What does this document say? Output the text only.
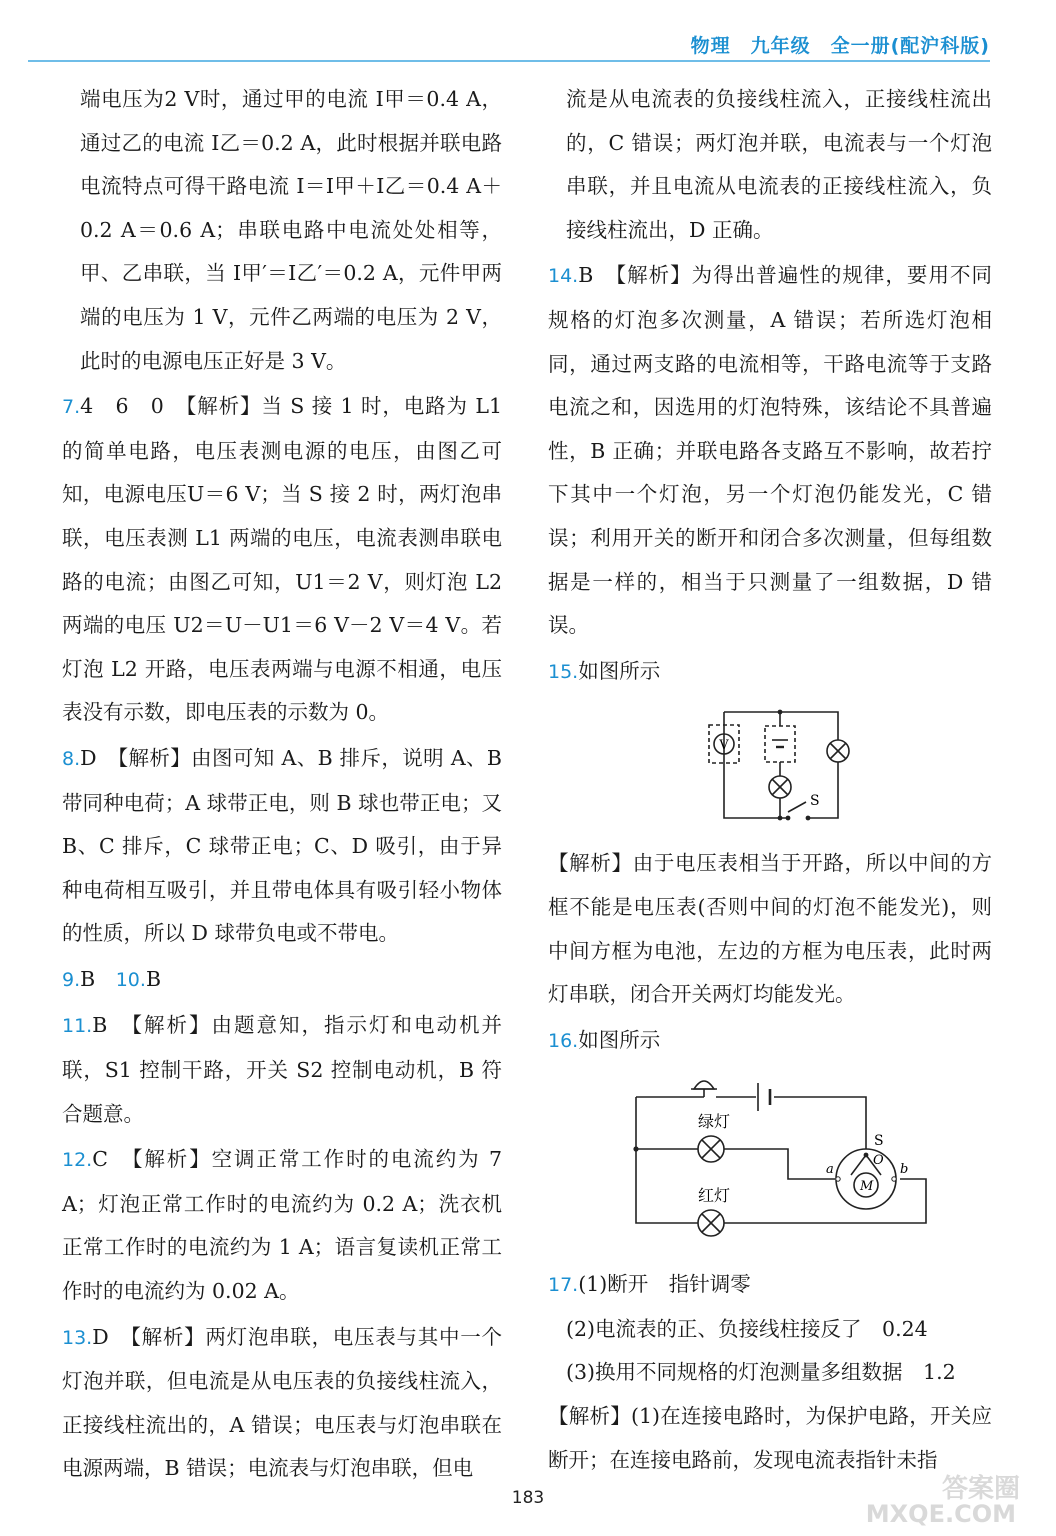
物理　九年级　全一册(配沪科版)

端电压为2 V时，通过甲的电流 I甲＝0.4 A，通过乙的电流 I乙＝0.2 A，此时根据并联电路电流特点可得干路电流 I＝I甲＋I乙＝0.4 A＋0.2 A＝0.6 A；串联电路中电流处处相等，甲、乙串联，当 I甲′＝I乙′＝0.2 A，元件甲两端的电压为 1 V，元件乙两端的电压为 2 V，此时的电源电压正好是 3 V。

7.4　6　0　【解析】当 S 接 1 时，电路为 L1 的简单电路，电压表测电源的电压，由图乙可知，电源电压U＝6 V；当 S 接 2 时，两灯泡串联，电压表测 L1 两端的电压，电流表测串联电路的电流；由图乙可知，U1＝2 V，则灯泡 L2 两端的电压 U2＝U－U1＝6 V－2 V＝4 V。若灯泡 L2 开路，电压表两端与电源不相通，电压表没有示数，即电压表的示数为 0。

8.D　【解析】由图可知 A、B 排斥，说明 A、B 带同种电荷；A 球带正电，则 B 球也带正电；又 B、C 排斥，C 球带正电；C、D 吸引，由于异种电荷相互吸引，并且带电体具有吸引轻小物体的性质，所以 D 球带负电或不带电。

9.B　10.B

11.B　【解析】由题意知，指示灯和电动机并联，S1 控制干路，开关 S2 控制电动机，B 符合题意。

12.C　【解析】空调正常工作时的电流约为 7 A；灯泡正常工作时的电流约为 0.2 A；洗衣机正常工作时的电流约为 1 A；语言复读机正常工作时的电流约为 0.02 A。

13.D　【解析】两灯泡串联，电压表与其中一个灯泡并联，但电流是从电压表的负接线柱流入，正接线柱流出的，A 错误；电压表与灯泡串联在电源两端，B 错误；电流表与灯泡串联，但电

流是从电流表的负接线柱流入，正接线柱流出的，C 错误；两灯泡并联，电流表与一个灯泡串联，并且电流从电流表的正接线柱流入，负接线柱流出，D 正确。

14.B　【解析】为得出普遍性的规律，要用不同规格的灯泡多次测量，A 错误；若所选灯泡相同，通过两支路的电流相等，干路电流等于支路电流之和，因选用的灯泡特殊，该结论不具普遍性，B 正确；并联电路各支路互不影响，故若拧下其中一个灯泡，另一个灯泡仍能发光，C 错误；利用开关的断开和闭合多次测量，但每组数据是一样的，相当于只测量了一组数据，D 错误。

15.如图所示

V
S

【解析】由于电压表相当于开路，所以中间的方框不能是电压表(否则中间的灯泡不能发光)，则中间方框为电池，左边的方框为电压表，此时两灯串联，闭合开关两灯均能发光。

16.如图所示

绿灯
红灯
S
O
a	b
M

17.(1)断开　指针调零

(2)电流表的正、负接线柱接反了　0.24

(3)换用不同规格的灯泡测量多组数据　1.2

【解析】(1)在连接电路时，为保护电路，开关应断开；在连接电路前，发现电流表指针未指

183	答案圈
MXQE.COM
